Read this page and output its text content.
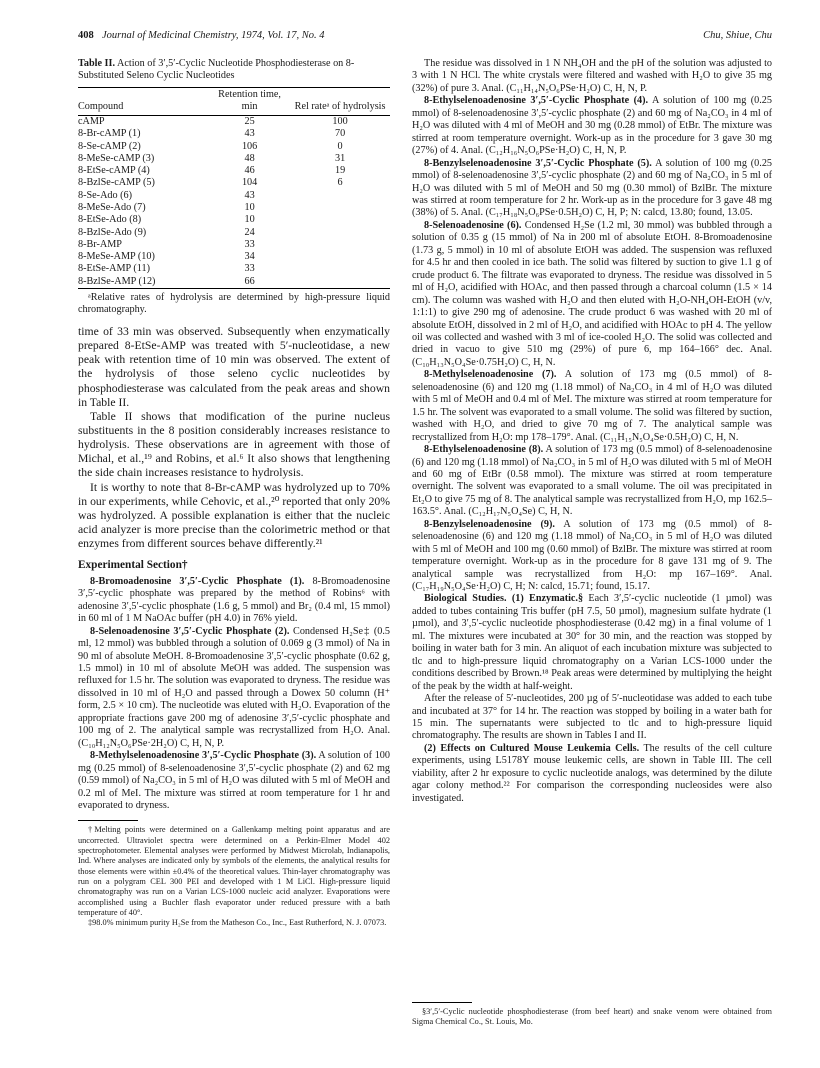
408 Journal of Medicinal Chemistry, 1974, Vol. 17, No. 4	Chu, Shiue, Chu
Table II. Action of 3′,5′-Cyclic Nucleotide Phosphodiesterase on 8-Substituted Seleno Cyclic Nucleotides
Compound	Retention time, min	Rel rateᵃ of hydrolysis
cAMP	25	100
8-Br-cAMP (1)	43	70
8-Se-cAMP (2)	106	0
8-MeSe-cAMP (3)	48	31
8-EtSe-cAMP (4)	46	19
8-BzlSe-cAMP (5)	104	6
8-Se-Ado (6)	43	
8-MeSe-Ado (7)	10	
8-EtSe-Ado (8)	10	
8-BzlSe-Ado (9)	24	
8-Br-AMP	33	
8-MeSe-AMP (10)	34	
8-EtSe-AMP (11)	33	
8-BzlSe-AMP (12)	66	

ᵃRelative rates of hydrolysis are determined by high-pressure liquid chromatography.

time of 33 min was observed. Subsequently when enzymatically prepared 8-EtSe-AMP was treated with 5′-nucleotidase, a new peak with retention time of 10 min was observed. The extent of the hydrolysis of those seleno cyclic nucleotides by phosphodiesterase was calculated from the peak areas and shown in Table II.

Table II shows that modification of the purine nucleus substituents in the 8 position considerably increases resistance to hydrolysis. These observations are in agreement with those of Michal, et al.,¹⁹ and Robins, et al.⁶ It also shows that lengthening the side chain increases resistance to hydrolysis.

It is worthy to note that 8-Br-cAMP was hydrolyzed up to 70% in our experiments, while Cehovic, et al.,²⁰ reported that only 20% was hydrolyzed. A possible explanation is either that the nucleic acid analyzer is more precise than the colorimetric method or that enzymes from different sources behave differently.²¹

Experimental Section†

8-Bromoadenosine 3′,5′-Cyclic Phosphate (1). 8-Bromoadenosine 3′,5′-cyclic phosphate was prepared by the method of Robins⁶ with adenosine 3′,5′-cyclic phosphate (1.6 g, 5 mmol) and Br₂ (0.4 ml, 15 mmol) in 60 ml of 1 M NaOAc buffer (pH 4.0) in 76% yield.

8-Selenoadenosine 3′,5′-Cyclic Phosphate (2). Condensed H₂Se‡ (0.5 ml, 12 mmol) was bubbled through a solution of 0.069 g (3 mmol) of Na in 90 ml of absolute MeOH. 8-Bromoadenosine 3′,5′-cyclic phosphate (0.62 g, 1.5 mmol) in 10 ml of absolute MeOH was added. The suspension was refluxed for 1.5 hr. The solution was evaporated to dryness. The residue was dissolved in 10 ml of H₂O and passed through a Dowex 50 column (H⁺ form, 2.5 × 10 cm). The nucleotide was eluted with H₂O. Evaporation of the appropriate fractions gave 200 mg of adenosine 3′,5′-cyclic phosphate and 100 mg of 2. The analytical sample was recrystallized from H₂O. Anal. (C₁₀H₁₂N₅O₆PSe·2H₂O) C, H, N, P.

8-Methylselenoadenosine 3′,5′-Cyclic Phosphate (3). A solution of 100 mg (0.25 mmol) of 8-selenoadenosine 3′,5′-cyclic phosphate (2) and 62 mg (0.59 mmol) of Na₂CO₃ in 5 ml of H₂O was diluted with 5 ml of MeOH and 0.2 ml of MeI. The mixture was stirred at room temperature for 1 hr and evaporated to dryness.

†Melting points were determined on a Gallenkamp melting point apparatus and are uncorrected. Ultraviolet spectra were determined on a Perkin-Elmer Model 402 spectrophotometer. Elemental analyses were performed by Midwest Microlab, Indianapolis, Ind. Where analyses are indicated only by symbols of the elements, the analytical results for those elements were within ±0.4% of the theoretical values. Thin-layer chromatography was run on a polygram CEL 300 PEI and developed with 1 M LiCl. High-pressure liquid chromatography was run on a Varian LCS-1000 nucleic acid analyzer. Evaporations were accomplished using a Buchler flash evaporator under reduced pressure with a bath temperature of 40°.

‡98.0% minimum purity H₂Se from the Matheson Co., Inc., East Rutherford, N. J. 07073.

The residue was dissolved in 1 N NH₄OH and the pH of the solution was adjusted to 3 with 1 N HCl. The white crystals were filtered and washed with H₂O to give 35 mg (32%) of pure 3. Anal. (C₁₁H₁₄N₅O₆PSe·H₂O) C, H, N, P.

8-Ethylselenoadenosine 3′,5′-Cyclic Phosphate (4). A solution of 100 mg (0.25 mmol) of 8-selenoadenosine 3′,5′-cyclic phosphate (2) and 60 mg of Na₂CO₃ in 4 ml of H₂O was diluted with 4 ml of MeOH and 30 mg (0.28 mmol) of EtBr. The mixture was stirred at room temperature overnight. Work-up as in the procedure for 3 gave 30 mg (27%) of 4. Anal. (C₁₂H₁₆N₅O₆PSe·H₂O) C, H, N, P.

8-Benzylselenoadenosine 3′,5′-Cyclic Phosphate (5). A solution of 100 mg (0.25 mmol) of 8-selenoadenosine 3′,5′-cyclic phosphate (2) and 60 mg of Na₂CO₃ in 5 ml of H₂O was diluted with 5 ml of MeOH and 50 mg (0.30 mmol) of BzlBr. The mixture was stirred at room temperature for 2 hr. Work-up as in the procedure for 3 gave 48 mg (38%) of 5. Anal. (C₁₇H₁₈N₅O₆PSe·0.5H₂O) C, H, P; N: calcd, 13.80; found, 13.05.

8-Selenoadenosine (6). Condensed H₂Se (1.2 ml, 30 mmol) was bubbled through a solution of 0.35 g (15 mmol) of Na in 200 ml of absolute EtOH. 8-Bromoadenosine (1.73 g, 5 mmol) in 10 ml of absolute EtOH was added. The suspension was refluxed for 4.5 hr and then cooled in ice bath. The solid was filtered by suction to give 1.1 g of crude product 6. The filtrate was evaporated to dryness. The residue was dissolved in 5 ml of H₂O, acidified with HOAc, and then passed through a charcoal column (1.5 × 14 cm). The column was washed with H₂O and then eluted with H₂O-NH₄OH-EtOH (v/v, 1:1:1) to give 290 mg of adenosine. The crude product 6 was washed with 20 ml of absolute EtOH, dissolved in 2 ml of H₂O, and acidified with HOAc to pH 4. The yellow oil was collected and washed with 3 ml of ice-cooled H₂O. The solid was collected and dried in vacuo to give 510 mg (29%) of pure 6, mp 164–166° dec. Anal. (C₁₀H₁₃N₅O₄Se·0.75H₂O) C, H, N.

8-Methylselenoadenosine (7). A solution of 173 mg (0.5 mmol) of 8-selenoadenosine (6) and 120 mg (1.18 mmol) of Na₂CO₃ in 4 ml of H₂O was diluted with 5 ml of MeOH and 0.4 ml of MeI. The mixture was stirred at room temperature for 1.5 hr. The solvent was evaporated to a small volume. The solid was filtered by suction, washed with H₂O, and dried to give 70 mg of 7. The analytical sample was recrystallized from H₂O: mp 178–179°. Anal. (C₁₁H₁₅N₅O₄Se·0.5H₂O) C, H, N.

8-Ethylselenoadenosine (8). A solution of 173 mg (0.5 mmol) of 8-selenoadenosine (6) and 120 mg (1.18 mmol) of Na₂CO₃ in 5 ml of H₂O was diluted with 5 ml of MeOH and 60 mg of EtBr (0.58 mmol). The mixture was stirred at room temperature overnight. The solvent was evaporated to a small volume. The oil was precipitated in Et₂O to give 75 mg of 8. The analytical sample was recrystallized from H₂O, mp 162.5–163.5°. Anal. (C₁₂H₁₇N₅O₄Se) C, H, N.

8-Benzylselenoadenosine (9). A solution of 173 mg (0.5 mmol) of 8-selenoadenosine (6) and 120 mg (1.18 mmol) of Na₂CO₃ in 5 ml of H₂O was diluted with 5 ml of MeOH and 100 mg (0.60 mmol) of BzlBr. The mixture was stirred at room temperature overnight. Work-up as in the procedure for 8 gave 131 mg of 9. The analytical sample was recrystallized from H₂O: mp 167–169°. Anal. (C₁₇H₁₉N₅O₄Se·H₂O) C, H; N: calcd, 15.71; found, 15.17.

Biological Studies. (1) Enzymatic.§ Each 3′,5′-cyclic nucleotide (1 µmol) was added to tubes containing Tris buffer (pH 7.5, 50 µmol), magnesium sulfate hydrate (1 µmol), and 3′,5′-cyclic nucleotide phosphodiesterase (0.42 mg) in a final volume of 1 ml. The mixtures were incubated at 30° for 30 min, and the reaction was stopped by boiling in water bath for 3 min. An aliquot of each incubation mixture was subjected to tlc and to high-pressure liquid chromatography on a Varian LCS-1000 under the conditions described by Brown.¹⁸ Peak areas were determined by multiplying the height of the peak by the width at half-weight.

After the release of 5′-nucleotides, 200 µg of 5′-nucleotidase was added to each tube and incubated at 37° for 14 hr. The reaction was stopped by boiling in a water bath for 15 min. The supernatants were subjected to tlc and to high-pressure liquid chromatography. The results are shown in Tables I and II.

(2) Effects on Cultured Mouse Leukemia Cells. The results of the cell culture experiments, using L5178Y mouse leukemic cells, are shown in Table III. The cell viability, after 2 hr exposure to cyclic nucleotide analogs, was determined by the dilute agar colony method.²² For comparison the corresponding nucleosides were also investigated.

§3′,5′-Cyclic nucleotide phosphodiesterase (from beef heart) and snake venom were obtained from Sigma Chemical Co., St. Louis, Mo.
